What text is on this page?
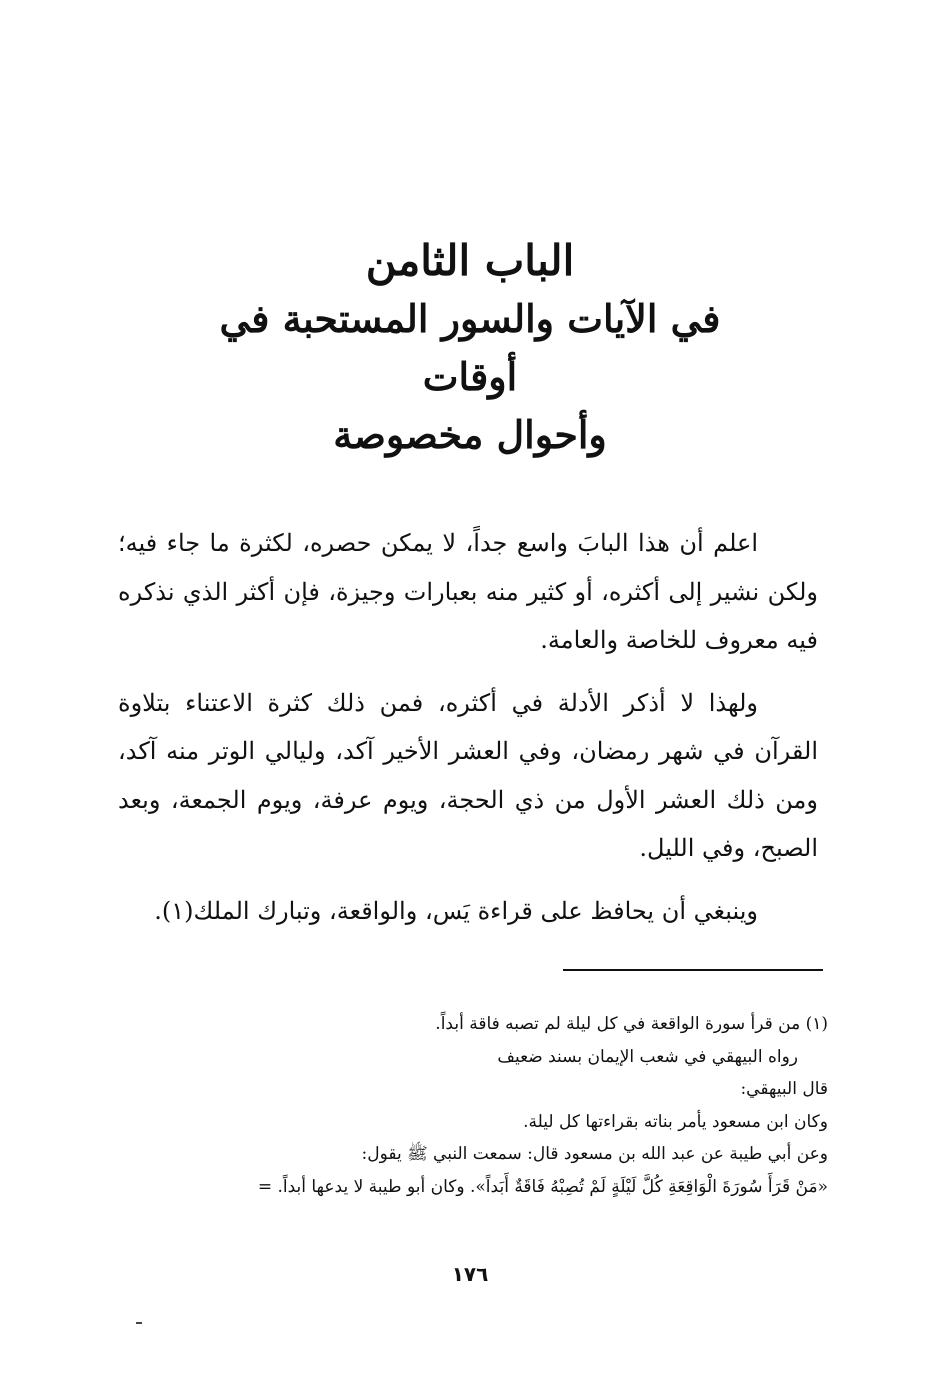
الباب الثامن
في الآيات والسور المستحبة في أوقات
وأحوال مخصوصة

اعلم أن هذا البابَ واسع جداً، لا يمكن حصره، لكثرة ما جاء فيه؛ ولكن نشير إلى أكثره، أو كثير منه بعبارات وجيزة، فإن أكثر الذي نذكره فيه معروف للخاصة والعامة.

ولهذا لا أذكر الأدلة في أكثره، فمن ذلك كثرة الاعتناء بتلاوة القرآن في شهر رمضان، وفي العشر الأخير آكد، وليالي الوتر منه آكد، ومن ذلك العشر الأول من ذي الحجة، ويوم عرفة، ويوم الجمعة، وبعد الصبح، وفي الليل.

وينبغي أن يحافظ على قراءة يَس، والواقعة، وتبارك الملك(١).

(١) من قرأ سورة الواقعة في كل ليلة لم تصبه فاقة أبداً.
رواه البيهقي في شعب الإيمان بسند ضعيف
قال البيهقي:
وكان ابن مسعود يأمر بناته بقراءتها كل ليلة.
وعن أبي طيبة عن عبد الله بن مسعود قال: سمعت النبي ﷺ يقول:
«مَنْ قَرَأَ سُورَةَ الْوَاقِعَةِ كُلَّ لَيْلَةٍ لَمْ تُصِبْهُ فَاقَةٌ أَبَداً». وكان أبو طيبة لا يدعها أبداً. =
١٧٦
